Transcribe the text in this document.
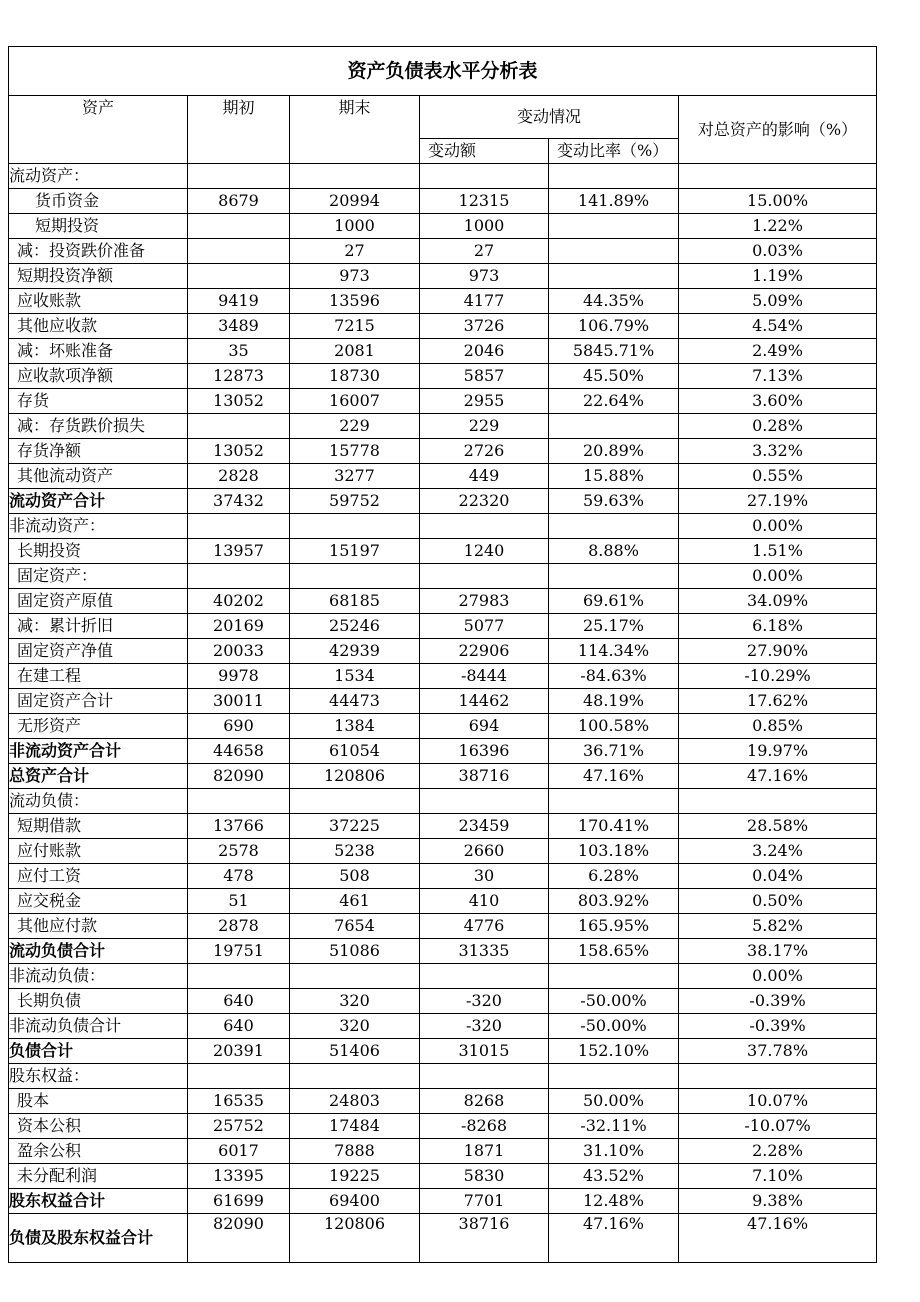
资产负债表水平分析表					
资产	期初	期末	变动情况		对总资产的影响（%）
			变动额	变动比率（%）	
流动资产：					
货币资金	8679	20994	12315	141.89%	15.00%
短期投资		1000	1000		1.22%
减：投资跌价准备		27	27		0.03%
短期投资净额		973	973		1.19%
应收账款	9419	13596	4177	44.35%	5.09%
其他应收款	3489	7215	3726	106.79%	4.54%
减：坏账准备	35	2081	2046	5845.71%	2.49%
应收款项净额	12873	18730	5857	45.50%	7.13%
存货	13052	16007	2955	22.64%	3.60%
减：存货跌价损失		229	229		0.28%
存货净额	13052	15778	2726	20.89%	3.32%
其他流动资产	2828	3277	449	15.88%	0.55%
流动资产合计	37432	59752	22320	59.63%	27.19%
非流动资产：					0.00%
长期投资	13957	15197	1240	8.88%	1.51%
固定资产：					0.00%
固定资产原值	40202	68185	27983	69.61%	34.09%
减：累计折旧	20169	25246	5077	25.17%	6.18%
固定资产净值	20033	42939	22906	114.34%	27.90%
在建工程	9978	1534	-8444	-84.63%	-10.29%
固定资产合计	30011	44473	14462	48.19%	17.62%
无形资产	690	1384	694	100.58%	0.85%
非流动资产合计	44658	61054	16396	36.71%	19.97%
总资产合计	82090	120806	38716	47.16%	47.16%
流动负债：					
短期借款	13766	37225	23459	170.41%	28.58%
应付账款	2578	5238	2660	103.18%	3.24%
应付工资	478	508	30	6.28%	0.04%
应交税金	51	461	410	803.92%	0.50%
其他应付款	2878	7654	4776	165.95%	5.82%
流动负债合计	19751	51086	31335	158.65%	38.17%
非流动负债：					0.00%
长期负债	640	320	-320	-50.00%	-0.39%
非流动负债合计	640	320	-320	-50.00%	-0.39%
负债合计	20391	51406	31015	152.10%	37.78%
股东权益：					
股本	16535	24803	8268	50.00%	10.07%
资本公积	25752	17484	-8268	-32.11%	-10.07%
盈余公积	6017	7888	1871	31.10%	2.28%
未分配利润	13395	19225	5830	43.52%	7.10%
股东权益合计	61699	69400	7701	12.48%	9.38%
负债及股东权益合计	82090	120806	38716	47.16%	47.16%
